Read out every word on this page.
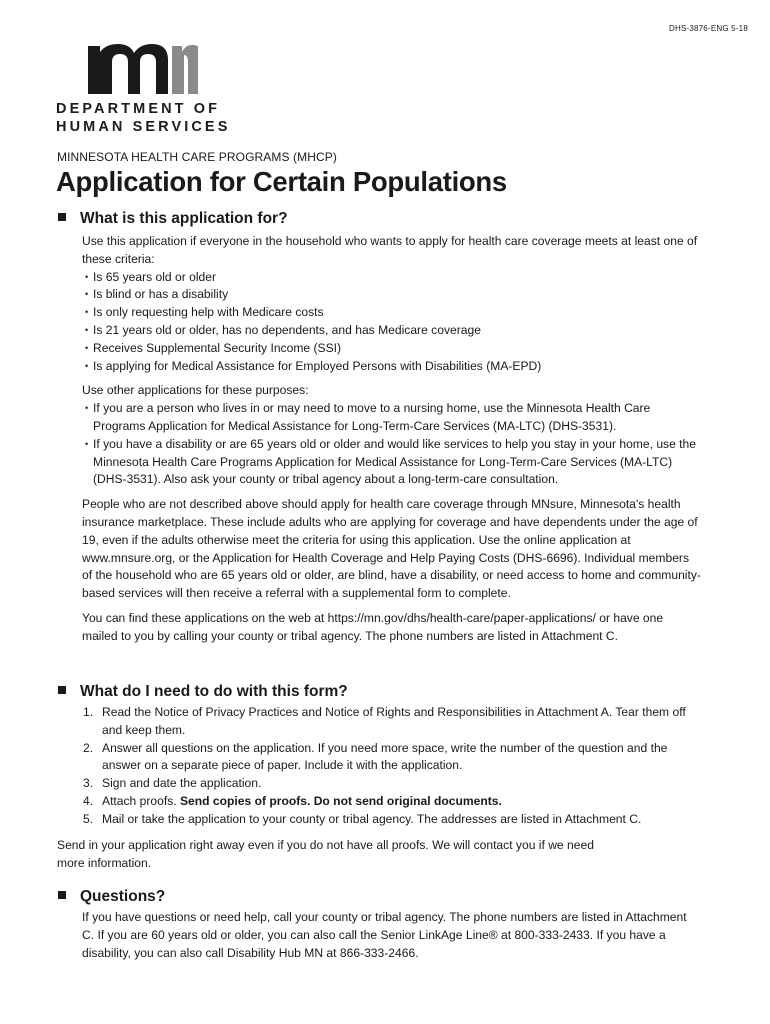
DHS-3876-ENG 5-18
DEPARTMENT OF
HUMAN SERVICES
MINNESOTA HEALTH CARE PROGRAMS (MHCP)
Application for Certain Populations
What is this application for?

Use this application if everyone in the household who wants to apply for health care coverage meets at least one of these criteria:

• Is 65 years old or older
• Is blind or has a disability
• Is only requesting help with Medicare costs
• Is 21 years old or older, has no dependents, and has Medicare coverage
• Receives Supplemental Security Income (SSI)
• Is applying for Medical Assistance for Employed Persons with Disabilities (MA-EPD)

Use other applications for these purposes:

• If you are a person who lives in or may need to move to a nursing home, use the Minnesota Health Care Programs Application for Medical Assistance for Long-Term-Care Services (MA-LTC) (DHS-3531).
• If you have a disability or are 65 years old or older and would like services to help you stay in your home, use the Minnesota Health Care Programs Application for Medical Assistance for Long-Term-Care Services (MA-LTC) (DHS-3531). Also ask your county or tribal agency about a long-term-care consultation.

People who are not described above should apply for health care coverage through MNsure, Minnesota's health insurance marketplace. These include adults who are applying for coverage and have dependents under the age of 19, even if the adults otherwise meet the criteria for using this application. Use the online application at www.mnsure.org, or the Application for Health Coverage and Help Paying Costs (DHS-6696). Individual members of the household who are 65 years old or older, are blind, have a disability, or need access to home and community-based services will then receive a referral with a supplemental form to complete.

You can find these applications on the web at https://mn.gov/dhs/health-care/paper-applications/ or have one mailed to you by calling your county or tribal agency. The phone numbers are listed in Attachment C.

What do I need to do with this form?
1. Read the Notice of Privacy Practices and Notice of Rights and Responsibilities in Attachment A. Tear them off and keep them.
2. Answer all questions on the application. If you need more space, write the number of the question and the answer on a separate piece of paper. Include it with the application.
3. Sign and date the application.
4. Attach proofs. Send copies of proofs. Do not send original documents.
5. Mail or take the application to your county or tribal agency. The addresses are listed in Attachment C.
Send in your application right away even if you do not have all proofs. We will contact you if we need
more information.
Questions?

If you have questions or need help, call your county or tribal agency. The phone numbers are listed in Attachment C. If you are 60 years old or older, you can also call the Senior LinkAge Line® at 800-333-2433. If you have a disability, you can also call Disability Hub MN at 866-333-2466.
